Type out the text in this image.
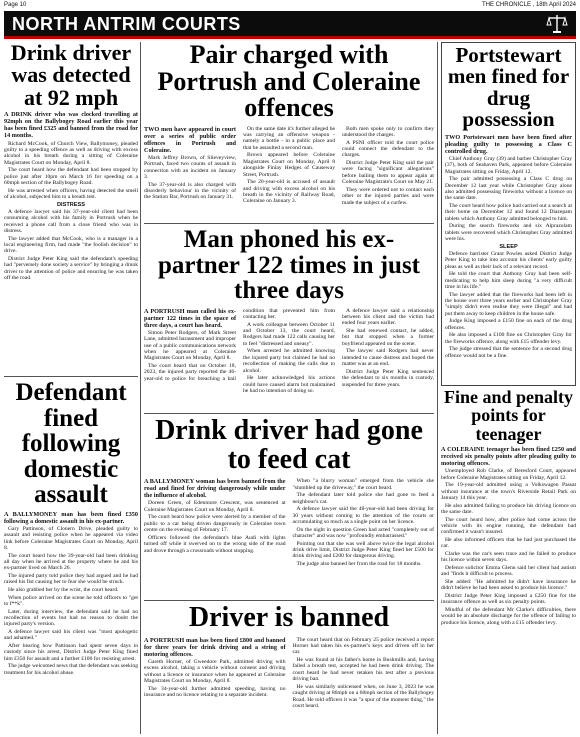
Page 10	THE CHRONICLE , 18th April 2024
NORTH ANTRIM COURTS
Drink driver was detected at 92 mph

A DRINK driver who was clocked travelling at 92mph on the Ballybogey Road earlier this year has been fined £325 and banned from the road for 14 months.

Richard McCook, of Church View, Ballymoney, pleaded guilty to a speeding offence as well as driving with excess alcohol in his breath during a sitting of Coleraine Magistrates Court on Monday, April 8.

The court heard how the defendant had been stopped by police just after 10pm on March 16 for speeding on a 60mph section of the Ballybogey Road.

He was arrested when officers, having detected the smell of alcohol, subjected him to a breath test.

DISTRESS

A defence lawyer said his 37-year-old client had been consuming alcohol with his family in Portrush when he received a phone call from a close friend who was in distress.

The lawyer added that McCook, who is a manager in a local engineering firm, had made "the foolish decision" to drive.

District Judge Peter King said the defendant's speeding had "perversely done society a service" by bringing a drunk driver to the attention of police and ensuring he was taken off the road.

Defendant fined following domestic assault

A BALLYMONEY man has been fined £350 following a domestic assault in his ex-partner.

Gary Pattinson, of Clonern Drive, pleaded guilty to assault and resisting police when he appeared via video link before Coleraine Magistrates Court on Monday, April 8.

The court heard how the 39-year-old had been drinking all day when he arrived at the property where he and his ex-partner lived on March 26.

The injured party told police they had argued and he had raised his fist causing her to fear she would be struck.

He also grabbed her by the wrist, the court heard.

When police arrived on the scene he told officers to "get to f**k".

Later, during interview, the defendant said he had no recollection of events but had no reason to doubt the injured party's version.

A defence lawyer said his client was "most apologetic and ashamed."

After hearing how Pattinson had spent seven days in custody since his arrest, District Judge Peter King fined him £350 for assault and a further £100 for resisting arrest.

The judge welcomed news that the defendant was seeking treatment for his alcohol abuse.

Pair charged with Portrush and Coleraine offences

TWO men have appeared in court over a series of public order offences in Portrush and Coleraine.

Mark Jeffrey Brown, of Slieveyview, Portrush, faced two counts of assault in connection with an incident on January 3.

The 37-year-old is also charged with disorderly behaviour in the vicinity of the Station Bar, Portrush on January 31.

On the same date it's further alleged he was carrying an offensive weapon - namely a bottle - in a public place and that he assaulted a second man.

Brown appeared before Coleraine Magistrates Court on Monday, April 8 alongside Finlay Hedges of Causeway Street, Portrush.

The 20-year-old is accused of assault and driving with excess alcohol on his breath in the vicinity of Railway Road, Coleraine on January 3.

Both men spoke only to confirm they understood the charges.

A PSNI officer told the court police could connect the defendant to the charges.

District Judge Peter King said the pair were facing "significant allegations" before bailing them to appear again at Coleraine Magistrate's Court on May 21.

They were ordered not to contact each other or the injured parties and were made the subject of a curfew.

Man phoned his ex-partner 122 times in just three days

A PORTRUSH man called his ex-partner 122 times in the space of three days, a court has heard.

Simon Peter Rodgers, of Mark Street Lane, admitted harassment and improper use of a public communications network when he appeared at Coleraine Magistrates Court on Monday, April 8.

The court heard that on October 18, 2023, the injured party reported the 46-year-old to police for breaching a bail condition that prevented him from contacting her.

A work colleague between October 11 and October 13, the court heard, Rodgers had made 122 calls causing her to feel "distressed and uneasy".

When arrested he admitted knowing the injured party but claimed he had no recollection of making the calls due to alcohol.

He later acknowledged his actions could have caused alarm but maintained he had no intention of doing so.

A defence lawyer said a relationship between his client and the victim had ended four years earlier.

She had renewed contact, he added, but that stopped when a former boyfriend appeared on the scene.

The lawyer said Rodgers had never intended to cause distress and hoped the matter was at an end.

District Judge Peter King sentenced the defendant to six months in custody, suspended for three years.

Drink driver had gone to feed cat

A BALLYMONEY woman has been banned from the road and fined for driving dangerously while under the influence of alcohol.

Doreen Green, of Edenmore Crescent, was sentenced at Coleraine Magistrates Court on Monday, April 8.

The court heard how police were alerted by a member of the public to a car being driven dangerously in Coleraine town centre on the evening of February 17.

Officers followed the defendant's blue Audi with lights turned off while it swerved on to the wrong side of the road and drove through a crossroads without stopping.

When "a blurry woman" emerged from the vehicle she "stumbled up the driveway," the court heard.

The defendant later told police she had gone to feed a neighbour's cat.

A defence lawyer said the 48-year-old had been driving for 30 years without coming to the attention of the courts or accumulating so much as a single point on her licence.

On the night in question Green had acted "completely out of character" and was now "profoundly embarrassed."

Pointing out that she was well above twice the legal alcohol drink drive limit, District Judge Peter King fined her £500 for drink driving and £200 for dangerous driving.

The judge also banned her from the road for 18 months.

Driver is banned

A PORTRUSH man has been fined £800 and banned for three years for drink driving and a string of motoring offences.

Gareth Horner, of Gweedore Park, admitted driving with excess alcohol, taking a vehicle without consent and driving without a licence or insurance when he appeared at Coleraine Magistrates Court on Monday, April 8.

The 34-year-old further admitted speeding, having no insurance and no licence relating to a separate incident.

The court heard that on February 25 police received a report Horner had taken his ex-partner's keys and driven off in her car.

He was found at his father's home in Bushmills and, having failed a breath test, accepted he had been drink driving. The court heard he had never retaken his test after a previous driving ban.

He was similarly unlicensed when, on June 3, 2023 he was caught driving at 86mph on a 60mph section of the Ballybogey Road. He told officers it was "a spur of the moment thing," the court heard.

Portstewart men fined for drug possession

TWO Portstewart men have been fined after pleading guilty to possessing a Class C controlled drug.

Chief Anthony Gray (39) and barber Christopher Gray (37), both of Seahaven Park, appeared before Coleraine Magistrates sitting on Friday, April 12.

The pair admitted possessing a Class C drug on December 12 last year while Christopher Gray alone also admitted possessing fireworks without a licence on the same date.

The court heard how police had carried out a search at their home on December 12 and found 12 Diazepam tablets which Anthony Gray admitted belonged to him.

During the search fireworks and six Alprazolam tablets were recovered which Christopher Gray admitted were his.

SLEEP

Defence barrister Grant Powles asked District Judge Peter King to take into account his clients' early guilty pleas as well as their lack of a relevant record.

He told the court that Anthony Gray had been self-medicating to help him sleep during "a very difficult time in his life."

The lawyer added that the fireworks had been left in the house over three years earlier and Christopher Gray "simply didn't even realise they were illegal" and had put them away to keep children in the house safe.

Judge King imposed a £150 fine on each of the drug offences.

He also imposed a £100 fine on Christopher Gray for the fireworks offence, along with £15 offender levy.

The judge stressed that the sentence for a second drug offence would not be a fine.

Fine and penalty points for teenager

A COLERAINE teenager has been fined £250 and received six penalty points after pleading guilty to motoring offences.

Unemployed Rob Clarke, of Beresford Court, appeared before Coleraine Magistrates sitting on Friday, April 12.

The 19-year-old admitted using a Volkswagen Passat without insurance at the town's Riverside Retail Park on January 14 this year.

He also admitted failing to produce his driving licence on the same date.

The court heard how, after police had come across the vehicle with its engine running, the defendant had confirmed it wasn't insured.

He also informed officers that he had just purchased the car.

Clarke was the car's seen trace and he failed to produce his licence within seven days.

Defence solicitor Emma Glenn said her client had autism and "finds it difficult to process.

She added: "He admitted he didn't have insurance he didn't believe he had been asked to produce his licence."

District Judge Peter King imposed a £250 fine for the insurance offence as well as six penalty points.

Mindful of the defendant Mr Clarke's difficulties, there would be an absolute discharge for the offence of failing to produce his licence, along with a £15 offender levy.
